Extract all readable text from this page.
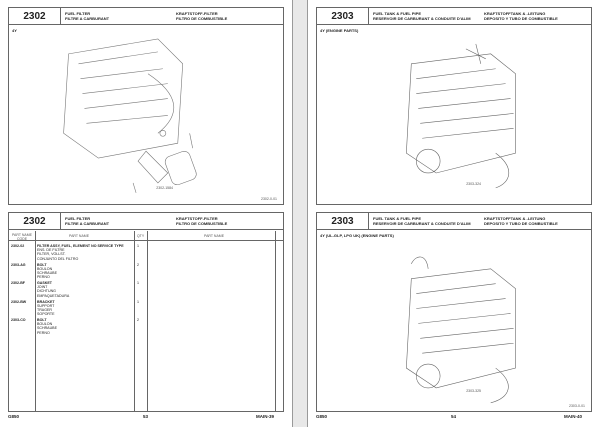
2302	FUEL FILTER
FILTRE A CARBURANT
KRAFTSTOFF-FILTER
FILTRO DE COMBUSTIBLE
4Y
2302-1584
2302-0-01
2302	FUEL FILTER
FILTRE A CARBURANT
KRAFTSTOFF-FILTER
FILTRO DE COMBUSTIBLE
PART NAME CODE
PART NAME	QTY	PART NAME
2302-02	FILTER ASSY, FUEL, ELEMENT NO SERVICE TYPE
ENS. DE FILTRE
FILTER, VOLLST.
CONJUNTO DEL FILTRO
1
2303-AG	BOLT
BOULON
SCHRAUBE
PERNO
2
2302-BF	GASKET
JOINT
DICHTUNG
EMPAQUETADURA
1
2302-BW	BRACKET
SUPPORT
TRAGER
SOPORTE
1
2303-CO	BOLT
BOULON
SCHRAUBE
PERNO
2
G850	53	MAIN-39
2303	FUEL TANK & FUEL PIPE
RESERVOIR DE CARBURANT & CONDUITE D'ALIM
KRAFTSTOFFTANK & -LEITUNG
DEPOSITO Y TUBO DE COMBUSTIBLE
4Y (ENGINE PARTS)
2303-324
2303	FUEL TANK & FUEL PIPE
RESERVOIR DE CARBURANT & CONDUITE D'ALIM
KRAFTSTOFFTANK & -LEITUNG
DEPOSITO Y TUBO DE COMBUSTIBLE
4Y (UL-GLP, LPG UK) (ENGINE PARTS)
2303-325
2303-0-01
G850	54	MAIN-40
